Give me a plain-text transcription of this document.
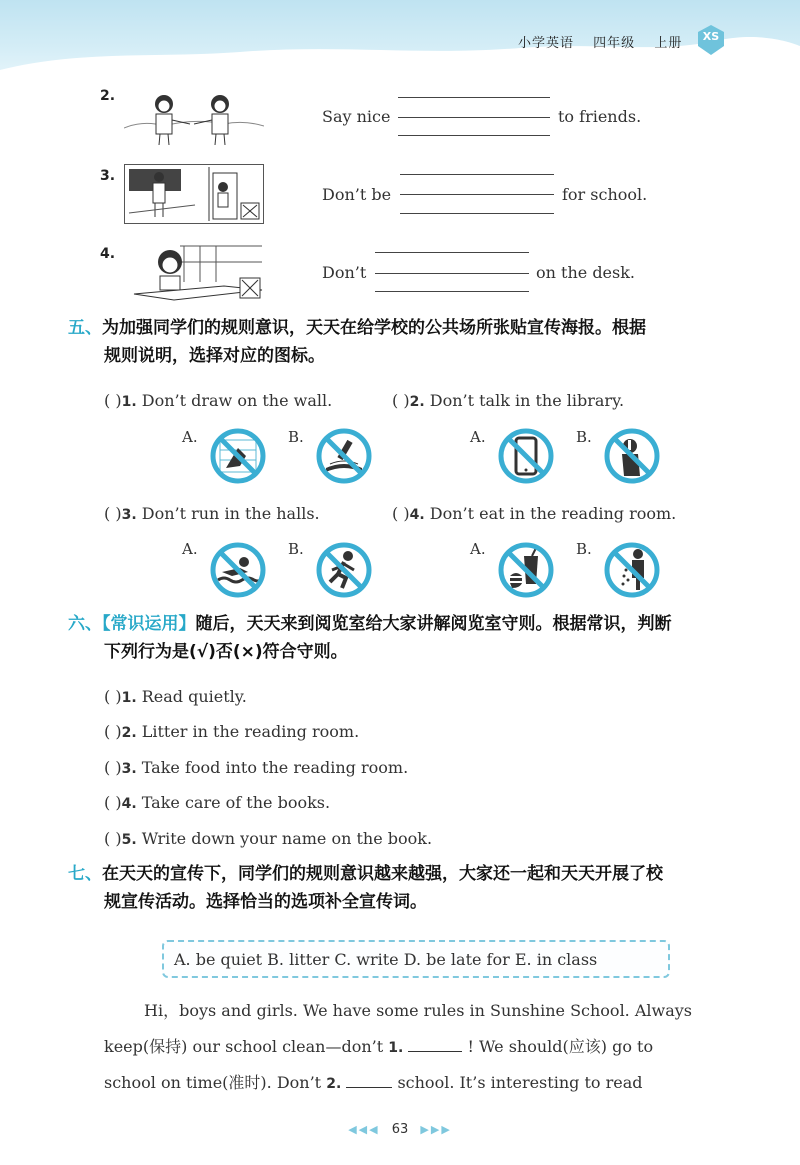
小学英语 四年级 上册	XS
2.
Say nice	to friends.
3.
Don’t be	for school.
4.
Don’t	on the desk.
五、为加强同学们的规则意识，天天在给学校的公共场所张贴宣传海报。根据
规则说明，选择对应的图标。
( )1. Don’t draw on the wall.	( )2. Don’t talk in the library.
A.	B.	A.	B.
( )3. Don’t run in the halls.	( )4. Don’t eat in the reading room.
A.	B.	A.	B.
六、【常识运用】随后，天天来到阅览室给大家讲解阅览室守则。根据常识，判断
下列行为是(√)否(×)符合守则。
( )1. Read quietly.
( )2. Litter in the reading room.
( )3. Take food into the reading room.
( )4. Take care of the books.
( )5. Write down your name on the book.
七、在天天的宣传下，同学们的规则意识越来越强，大家还一起和天天开展了校
规宣传活动。选择恰当的选项补全宣传词。
A. be quiet B. litter C. write D. be late for E. in class
Hi，boys and girls. We have some rules in Sunshine School. Always
keep(保持) our school clean—don’t 1.	! We should(应该) go to
school on time(准时). Don’t 2.	school. It’s interesting to read
◀◀◀ 63 ▶▶▶
